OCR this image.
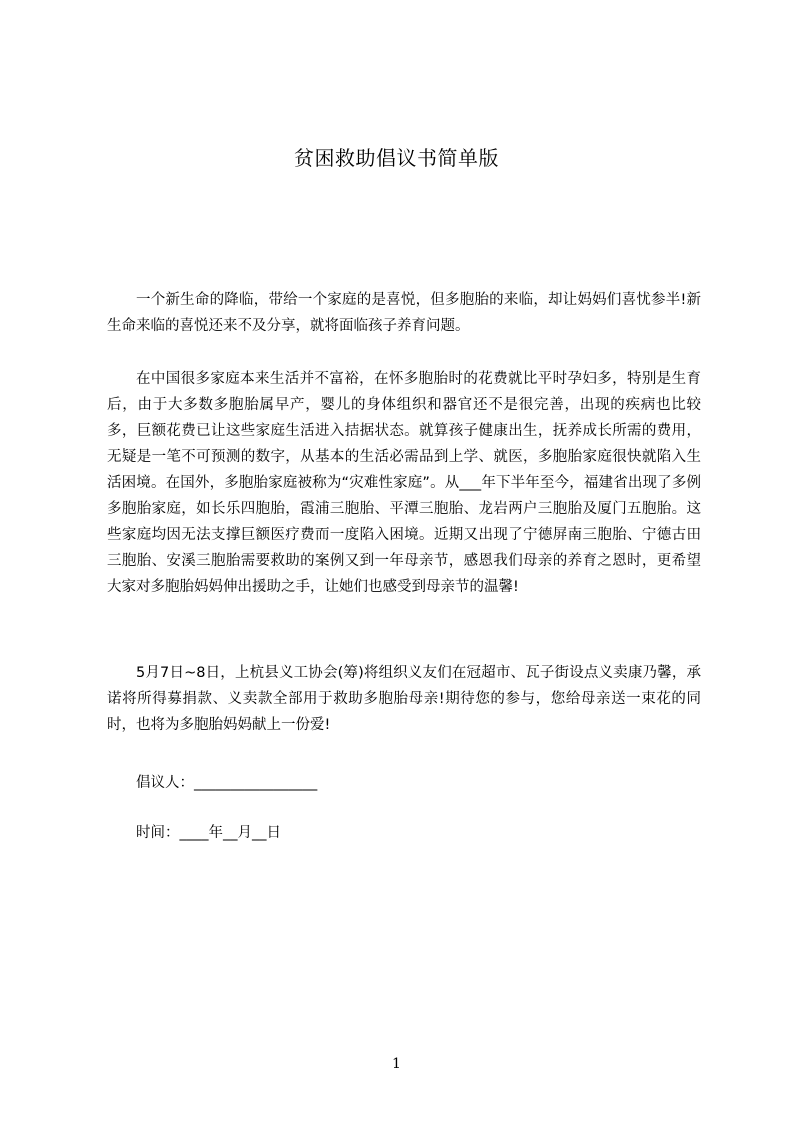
贫困救助倡议书简单版

一个新生命的降临，带给一个家庭的是喜悦，但多胞胎的来临，却让妈妈们喜忧参半!新生命来临的喜悦还来不及分享，就将面临孩子养育问题。

在中国很多家庭本来生活并不富裕，在怀多胞胎时的花费就比平时孕妇多，特别是生育后，由于大多数多胞胎属早产，婴儿的身体组织和器官还不是很完善，出现的疾病也比较多，巨额花费已让这些家庭生活进入拮据状态。就算孩子健康出生，抚养成长所需的费用，无疑是一笔不可预测的数字，从基本的生活必需品到上学、就医，多胞胎家庭很快就陷入生活困境。在国外，多胞胎家庭被称为“灾难性家庭”。从___年下半年至今，福建省出现了多例多胞胎家庭，如长乐四胞胎，霞浦三胞胎、平潭三胞胎、龙岩两户三胞胎及厦门五胞胎。这些家庭均因无法支撑巨额医疗费而一度陷入困境。近期又出现了宁德屏南三胞胎、宁德古田三胞胎、安溪三胞胎需要救助的案例又到一年母亲节，感恩我们母亲的养育之恩时，更希望大家对多胞胎妈妈伸出援助之手，让她们也感受到母亲节的温馨!

5月7日~8日，上杭县义工协会(筹)将组织义友们在冠超市、瓦子街设点义卖康乃馨，承诺将所得募捐款、义卖款全部用于救助多胞胎母亲!期待您的参与，您给母亲送一束花的同时，也将为多胞胎妈妈献上一份爱!

倡议人：_________________
时间：____年__月__日
1
